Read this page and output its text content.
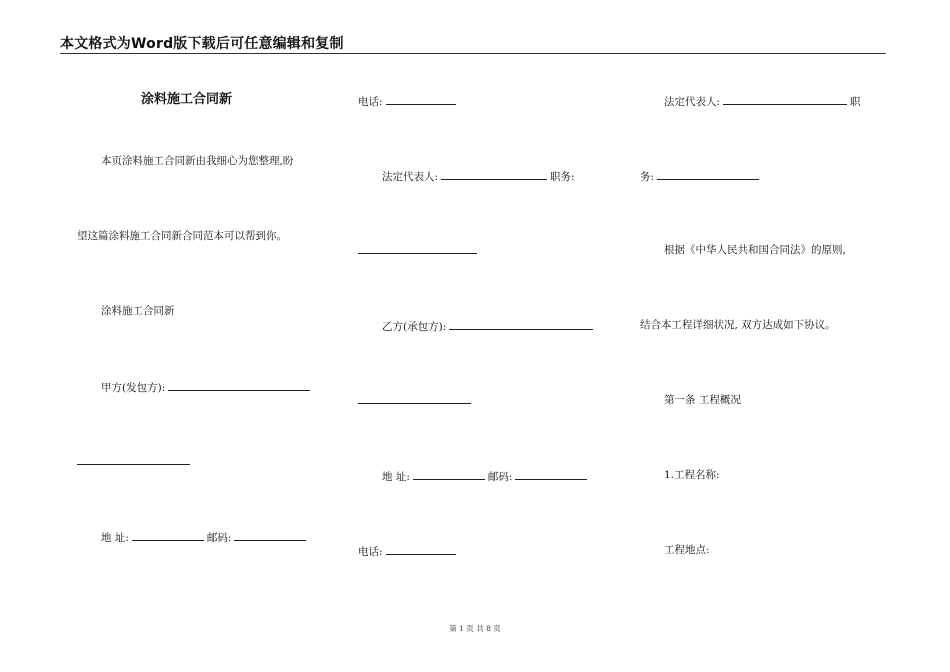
本文格式为Word版下载后可任意编辑和复制
涂料施工合同新
本页涂料施工合同新由我细心为您整理,盼
望这篇涂料施工合同新合同范本可以帮到你。
涂料施工合同新
甲方(发包方):
地 址:	邮码:
电话:
法定代表人:	职务:
乙方(承包方):
地 址:	邮码:
电话:
法定代表人:	职
务:
根据《中华人民共和国合同法》的原则,
结合本工程详细状况, 双方达成如下协议。
第一条 工程概况
1.工程名称:
工程地点:
第 1 页 共 8 页
